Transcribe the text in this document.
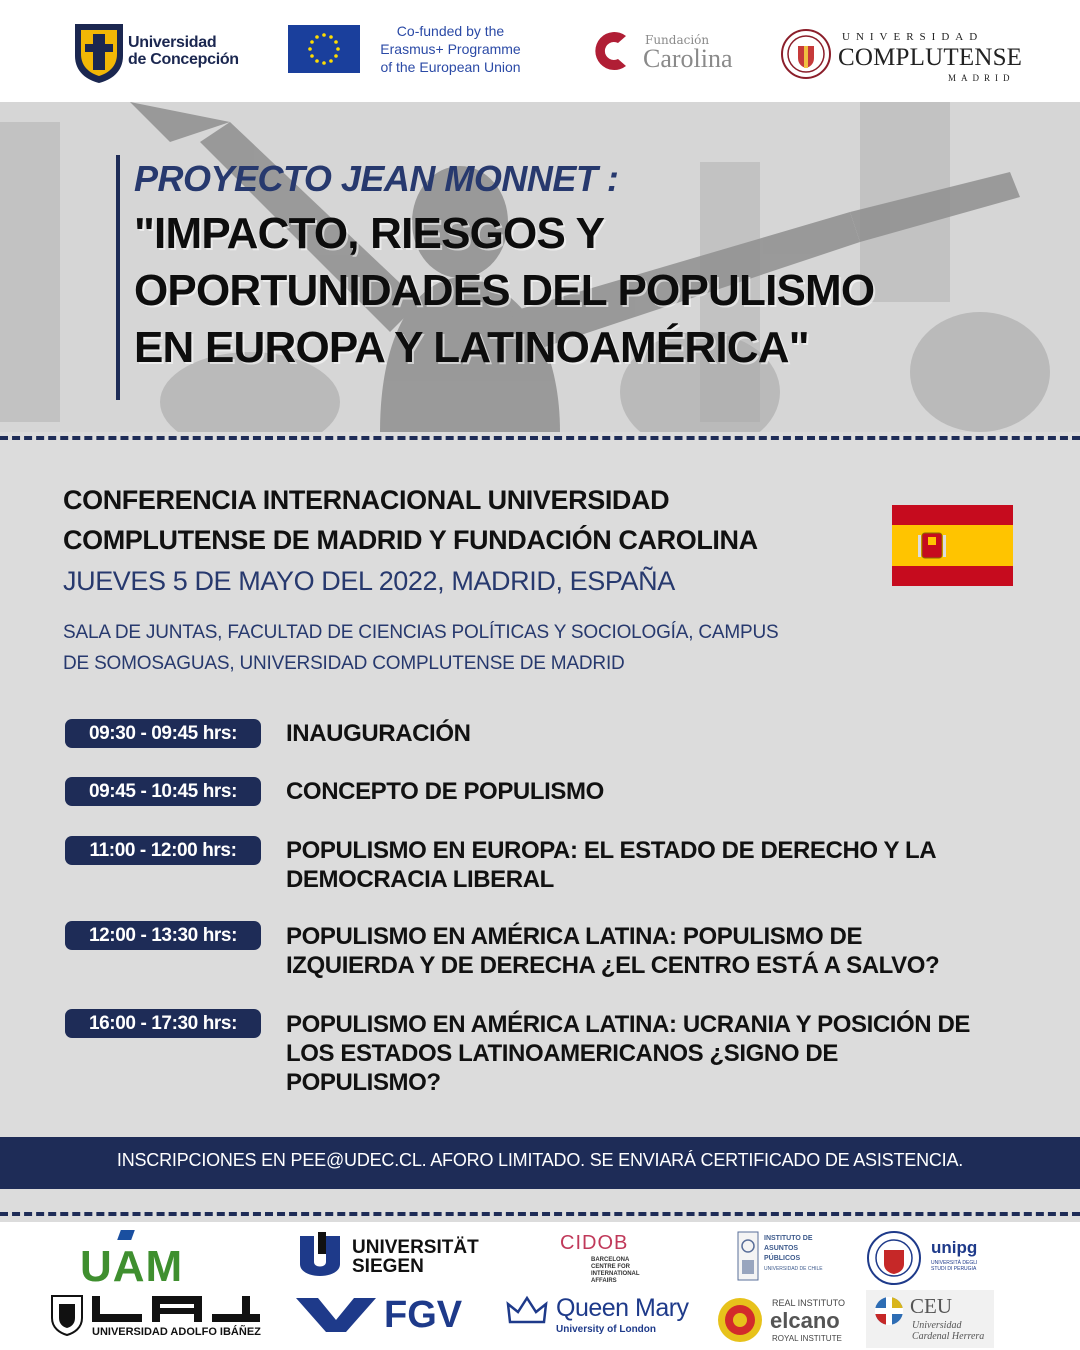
Universidad
de Concepción
Co-funded by the
Erasmus+ Programme
of the European Union
Fundación
Carolina
UNIVERSIDAD
COMPLUTENSE
MADRID
PROYECTO JEAN MONNET :
"IMPACTO, RIESGOS Y
OPORTUNIDADES DEL POPULISMO
EN EUROPA Y LATINOAMÉRICA"
CONFERENCIA INTERNACIONAL UNIVERSIDAD
COMPLUTENSE DE MADRID Y FUNDACIÓN CAROLINA
JUEVES 5 DE MAYO DEL 2022, MADRID, ESPAÑA
SALA DE JUNTAS, FACULTAD DE CIENCIAS POLÍTICAS Y SOCIOLOGÍA, CAMPUS
DE SOMOSAGUAS, UNIVERSIDAD COMPLUTENSE DE MADRID
09:30 - 09:45 hrs:	INAUGURACIÓN
09:45 - 10:45 hrs:	CONCEPTO DE POPULISMO
11:00 - 12:00 hrs:	POPULISMO EN EUROPA: EL ESTADO DE DERECHO Y LA
DEMOCRACIA LIBERAL
12:00 - 13:30 hrs:	POPULISMO EN AMÉRICA LATINA: POPULISMO DE
IZQUIERDA Y DE DERECHA ¿EL CENTRO ESTÁ A SALVO?
16:00 - 17:30 hrs:	POPULISMO EN AMÉRICA LATINA: UCRANIA Y POSICIÓN DE
LOS ESTADOS LATINOAMERICANOS ¿SIGNO DE
POPULISMO?
INSCRIPCIONES EN PEE@UDEC.CL. AFORO LIMITADO. SE ENVIARÁ CERTIFICADO DE ASISTENCIA.
UAM
UNIVERSIDAD ADOLFO IBÁÑEZ
UNIVERSITÄT
SIEGEN
FGV
CIDOB
BARCELONA
CENTRE FOR
INTERNATIONAL
AFFAIRS
Queen Mary
University of London
INSTITUTO DE
ASUNTOS
PÚBLICOS
UNIVERSIDAD DE CHILE
REAL INSTITUTO
elcano
ROYAL INSTITUTE
unipg
UNIVERSITÀ DEGLI STUDI DI PERUGIA
CEU
Universidad
Cardenal Herrera
